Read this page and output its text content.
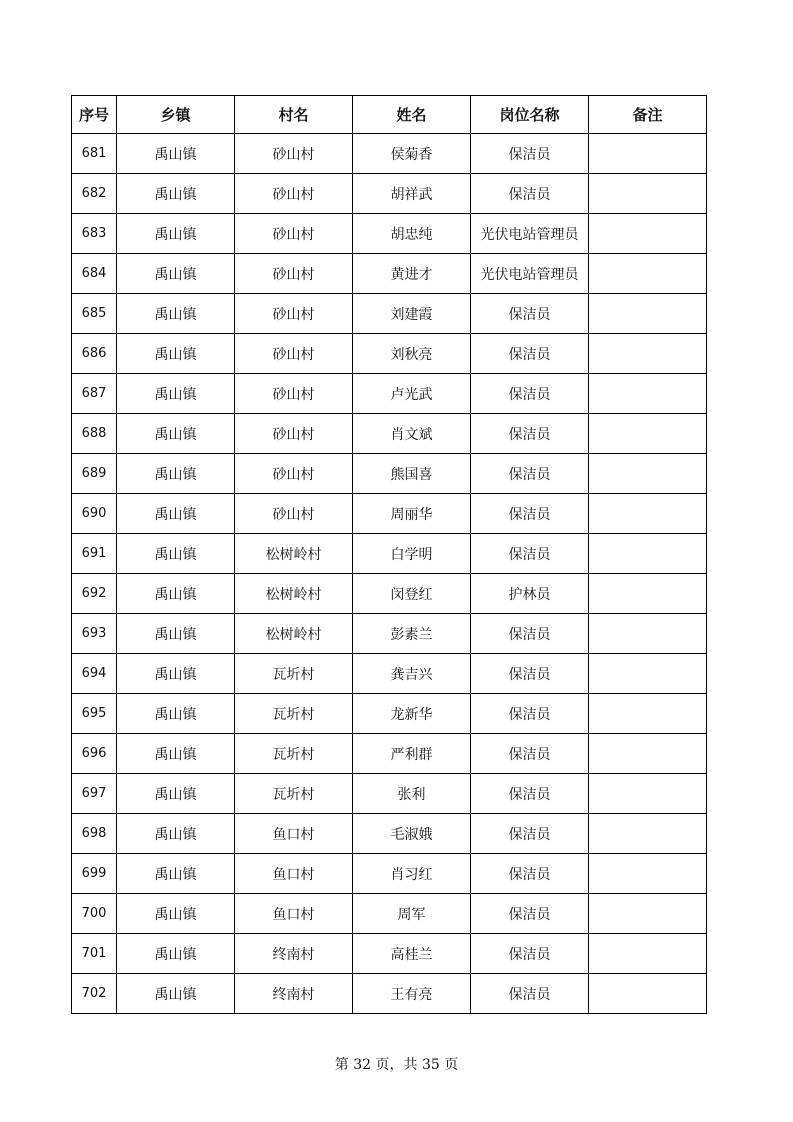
序号	乡镇	村名	姓名	岗位名称	备注
681	禹山镇	砂山村	侯菊香	保洁员	
682	禹山镇	砂山村	胡祥武	保洁员	
683	禹山镇	砂山村	胡忠纯	光伏电站管理员	
684	禹山镇	砂山村	黄进才	光伏电站管理员	
685	禹山镇	砂山村	刘建霞	保洁员	
686	禹山镇	砂山村	刘秋亮	保洁员	
687	禹山镇	砂山村	卢光武	保洁员	
688	禹山镇	砂山村	肖文斌	保洁员	
689	禹山镇	砂山村	熊国喜	保洁员	
690	禹山镇	砂山村	周丽华	保洁员	
691	禹山镇	松树岭村	白学明	保洁员	
692	禹山镇	松树岭村	闵登红	护林员	
693	禹山镇	松树岭村	彭素兰	保洁员	
694	禹山镇	瓦圻村	龚吉兴	保洁员	
695	禹山镇	瓦圻村	龙新华	保洁员	
696	禹山镇	瓦圻村	严利群	保洁员	
697	禹山镇	瓦圻村	张利	保洁员	
698	禹山镇	鱼口村	毛淑娥	保洁员	
699	禹山镇	鱼口村	肖习红	保洁员	
700	禹山镇	鱼口村	周军	保洁员	
701	禹山镇	终南村	高桂兰	保洁员	
702	禹山镇	终南村	王有亮	保洁员	
第 32 页，共 35 页
